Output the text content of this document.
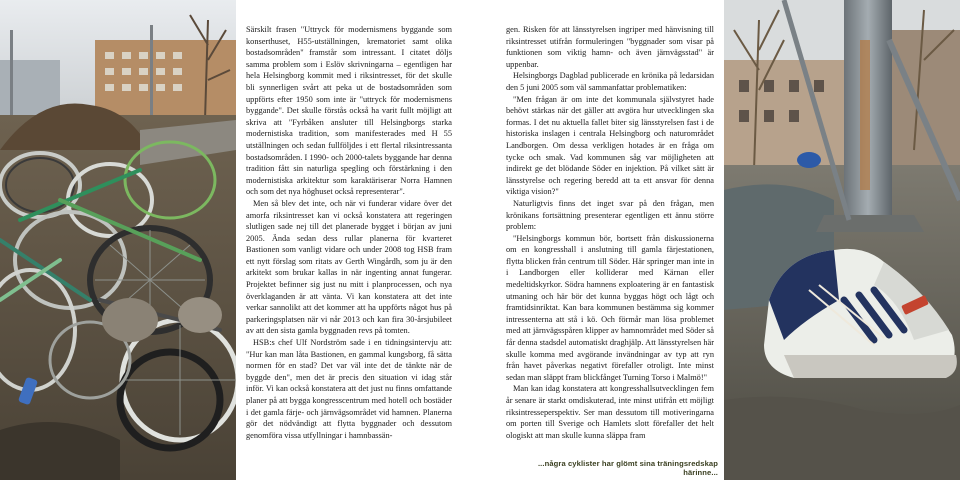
Särskilt frasen "Uttryck för modernismens byggande som konserthuset, H55-utställningen, krematoriet samt olika bostadsområden" framstår som intressant. I citatet döljs samma problem som i Eslöv skrivningarna – egentligen har hela Helsingborg kommit med i riksintresset, för det skulle bli synnerligen svårt att peka ut de bostadsområden som uppförts efter 1950 som inte är "uttryck för modernismens byggande". Det skulle förstås också ha varit fullt möjligt att skriva att "Fyrbåken ansluter till Helsingborgs starka modernistiska tradition, som manifesterades med H 55 utställningen och sedan fullföljdes i ett flertal riksintressanta bostadsområden. I 1990- och 2000-talets byggande har denna tradition fått sin naturliga spegling och förstärkning i den modernistiska arkitektur som karaktäriserar Norra Hamnen och som det nya höghuset också representerar".

Men så blev det inte, och när vi funderar vidare över det amorfa riksintresset kan vi också konstatera att regeringen slutligen sade nej till det planerade bygget i början av juni 2005. Ända sedan dess rullar planerna för kvarteret Bastionen som vanligt vidare och under 2008 tog HSB fram ett nytt förslag som ritats av Gerth Wingårdh, som ju är den arkitekt som brukar kallas in när ingenting annat fungerar. Projektet befinner sig just nu mitt i planprocessen, och nya överklaganden är att vänta. Vi kan konstatera att det inte verkar sannolikt att det kommer att ha uppförts något hus på parkeringsplatsen när vi når 2013 och kan fira 30-årsjubileet av att den sista gamla byggnaden revs på tomten.

HSB:s chef Ulf Nordström sade i en tidningsintervju att: "Hur kan man låta Bastionen, en gammal kungsborg, få sätta normen för en stad? Det var väl inte det de tänkte när de byggde den", men det är precis den situation vi idag står inför. Vi kan också konstatera att det just nu finns omfattande planer på att bygga kongresscentrum med hotell och bostäder i det gamla färje- och järnvägsområdet vid hamnen. Planerna gör det nödvändigt att flytta byggnader och dessutom genomföra vissa utfyllningar i hamnbassän-

gen. Risken för att länsstyrelsen ingriper med hänvisning till riksintresset utifrån formuleringen "byggnader som visar på funktionen som viktig hamn- och även järnvägsstad" är uppenbar.

Helsingborgs Dagblad publicerade en krönika på ledarsidan den 5 juni 2005 som väl sammanfattar problematiken:

"Men frågan är om inte det kommunala självstyret hade behövt stärkas när det gäller att avgöra hur utvecklingen ska formas. I det nu aktuella fallet biter sig länsstyrelsen fast i de historiska inslagen i centrala Helsingborg och naturområdet Landborgen. Om dessa verkligen hotades är en fråga om tycke och smak. Vad kommunen såg var möjligheten att indirekt ge det blödande Söder en injektion. På vilket sätt är länsstyrelse och regering beredd att ta ett ansvar för denna viktiga vision?"

Naturligtvis finns det inget svar på den frågan, men krönikans fortsättning presenterar egentligen ett ännu större problem:

"Helsingborgs kommun bör, bortsett från diskussionerna om en kongresshall i anslutning till gamla färjestationen, flytta blicken från centrum till Söder. Här springer man inte in i Landborgen eller kolliderar med Kärnan eller medeltidskyrkor. Södra hamnens exploatering är en fantastisk utmaning och här bör det kunna byggas högt och lågt och framtidsinriktat. Kan bara kommunen bestämma sig kommer intressenterna att stå i kö. Och förmår man lösa problemet med att järnvägsspåren klipper av hamnområdet med Söder så får denna stadsdel automatiskt draghjälp. Att länsstyrelsen här skulle komma med avgörande invändningar av typ att ryn från havet påverkas negativt förefaller otroligt. Inte minst sedan man släppt fram blickfånget Turning Torso i Malmö!"

Man kan idag konstatera att kongresshallsutvecklingen fem år senare är starkt omdiskuterad, inte minst utifrån ett möjligt riksintresseperspektiv. Ser man dessutom till motiveringarna om porten till Sverige och Hamlets slott förefaller det helt ologiskt att man skulle kunna släppa fram

...några cyklister har glömt sina träningsredskap härinne...
